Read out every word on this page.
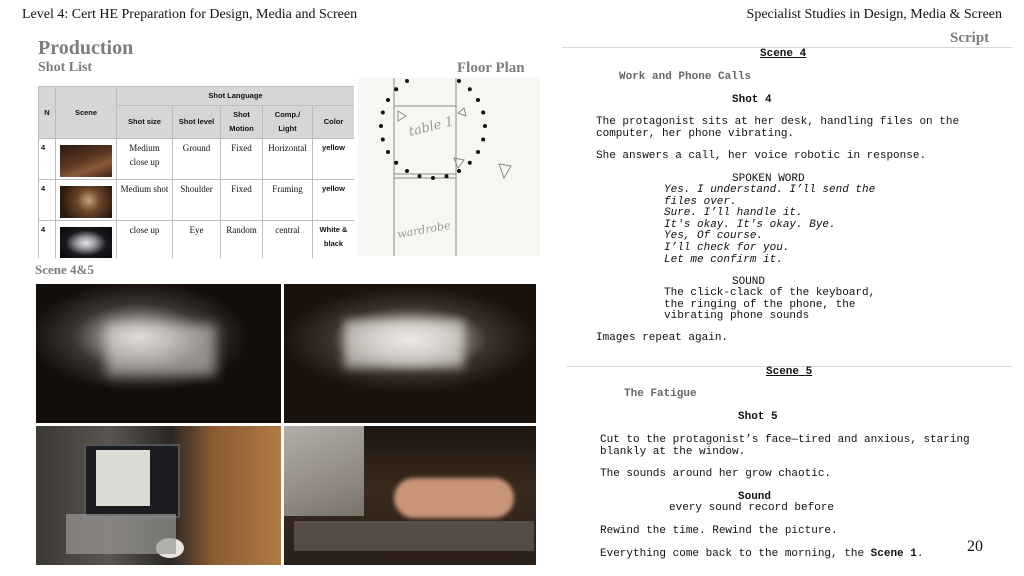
Level 4: Cert HE Preparation for Design, Media and Screen	Specialist Studies in Design, Media & Screen
Production
Shot List
N	Scene	Shot Language				
		Shot size	Shot level	Shot Motion	Comp./ Light	Color
4		Medium close up	Ground	Fixed	Horizontal	yellow
4		Medium shot	Shoulder	Fixed	Framing	yellow
4		close up	Eye	Random	central	White & black

Floor Plan
table 1
wardrobe
Scene 4&5
Script
Scene 4
Work and Phone Calls
Shot 4
The protagonist sits at her desk, handling files on the
computer, her phone vibrating.
She answers a call, her voice robotic in response.
SPOKEN WORD
Yes. I understand. I’ll send the
files over.
Sure. I’ll handle it.
It's okay. It's okay. Bye.
Yes, Of course.
I’ll check for you.
Let me confirm it.
SOUND
The click-clack of the keyboard,
the ringing of the phone, the
vibrating phone sounds
Images repeat again.
Scene 5
The Fatigue
Shot 5
Cut to the protagonist’s face—tired and anxious, staring
blankly at the window.
The sounds around her grow chaotic.
Sound
every sound record before
Rewind the time. Rewind the picture.
Everything come back to the morning, the Scene 1.	20
